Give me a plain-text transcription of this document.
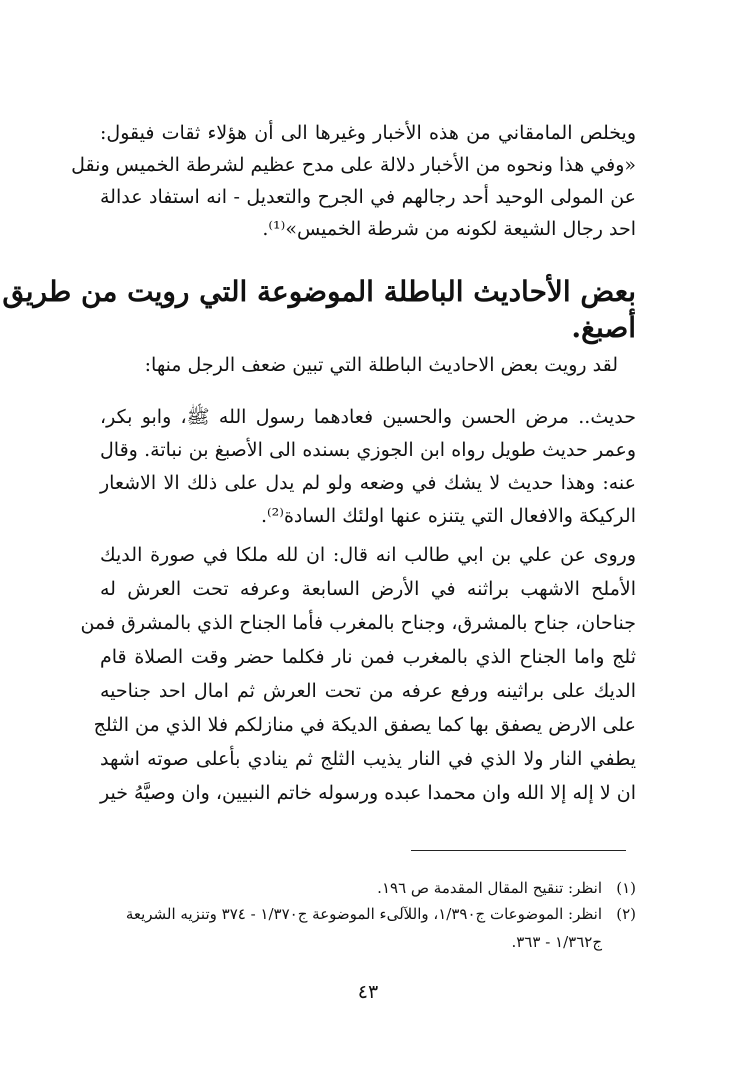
ويخلص المامقاني من هذه الأخبار وغيرها الى أن هؤلاء ثقات فيقول:

«وفي هذا ونحوه من الأخبار دلالة على مدح عظيم لشرطة الخميس ونقل

عن المولى الوحيد أحد رجالهم في الجرح والتعديل - انه استفاد عدالة

احد رجال الشيعة لكونه من شرطة الخميس»⁽¹⁾.

بعض الأحاديث الباطلة الموضوعة التي رويت من طريق
أصبغ.

لقد رويت بعض الاحاديث الباطلة التي تبين ضعف الرجل منها:

حديث.. مرض الحسن والحسين فعادهما رسول الله ﷺ، وابو بكر،

وعمر حديث طويل رواه ابن الجوزي بسنده الى الأصبغ بن نباتة. وقال

عنه: وهذا حديث لا يشك في وضعه ولو لم يدل على ذلك الا الاشعار

الركيكة والافعال التي يتنزه عنها اولئك السادة⁽²⁾.

وروى عن علي بن ابي طالب انه قال: ان لله ملكا في صورة الديك

الأملح الاشهب براثنه في الأرض السابعة وعرفه تحت العرش له

جناحان، جناح بالمشرق، وجناح بالمغرب فأما الجناح الذي بالمشرق فمن

ثلج واما الجناح الذي بالمغرب فمن نار فكلما حضر وقت الصلاة قام

الديك على براثينه ورفع عرفه من تحت العرش ثم امال احد جناحيه

على الارض يصفق بها كما يصفق الديكة في منازلكم فلا الذي من الثلج

يطفي النار ولا الذي في النار يذيب الثلج ثم ينادي بأعلى صوته اشهد

ان لا إله إلا الله وان محمدا عبده ورسوله خاتم النبيين، وان وصيَّهُ خير

(١)انظر: تنقيح المقال المقدمة ص ١٩٦.

(٢)انظر: الموضوعات ج١/٣٩٠، واللآلىء الموضوعة ج١/٣٧٠ - ٣٧٤ وتنزيه الشريعة

ج١/٣٦٢ - ٣٦٣.

٤٣
